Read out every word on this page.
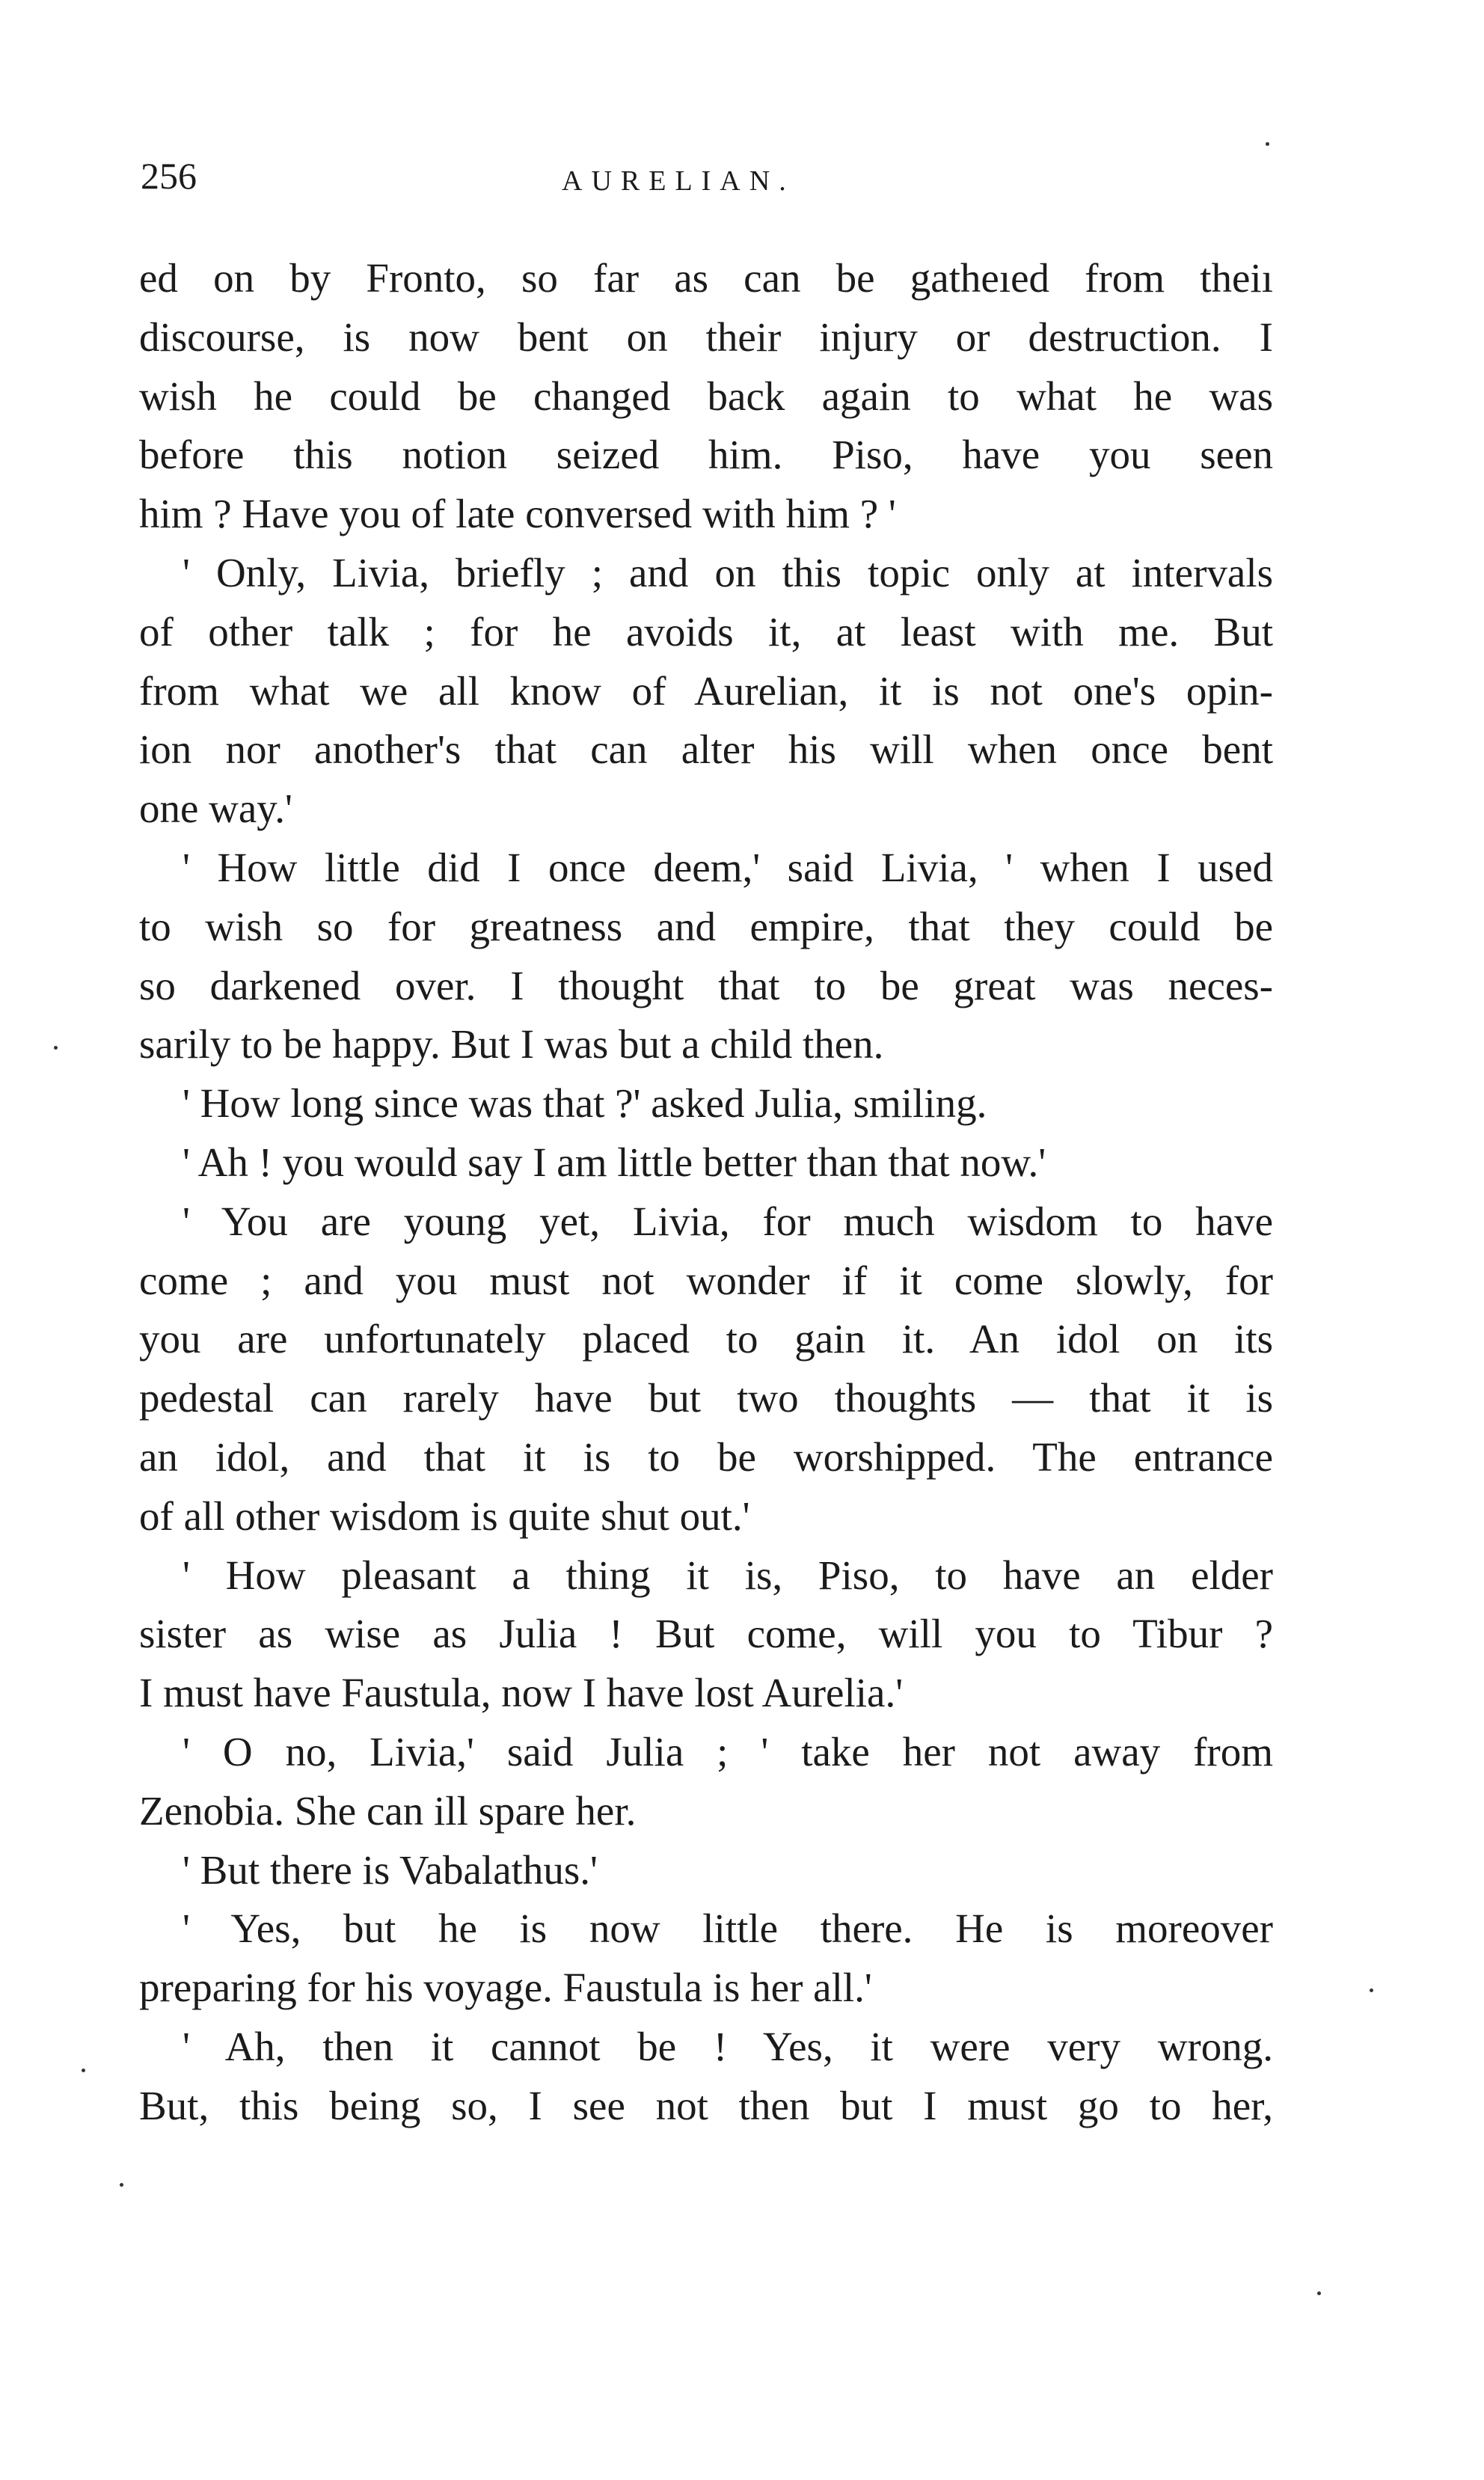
256	AURELIAN.
ed on by Fronto, so far as can be gatheıed from theiı
discourse, is now bent on their injury or destruction. I
wish he could be changed back again to what he was
before this notion seized him. Piso, have you seen
him ? Have you of late conversed with him ? '
' Only, Livia, briefly ; and on this topic only at intervals
of other talk ; for he avoids it, at least with me. But
from what we all know of Aurelian, it is not one's opin-
ion nor another's that can alter his will when once bent
one way.'
' How little did I once deem,' said Livia, ' when I used
to wish so for greatness and empire, that they could be
so darkened over. I thought that to be great was neces-
sarily to be happy. But I was but a child then.
' How long since was that ?' asked Julia, smiling.
' Ah ! you would say I am little better than that now.'
' You are young yet, Livia, for much wisdom to have
come ; and you must not wonder if it come slowly, for
you are unfortunately placed to gain it. An idol on its
pedestal can rarely have but two thoughts — that it is
an idol, and that it is to be worshipped. The entrance
of all other wisdom is quite shut out.'
' How pleasant a thing it is, Piso, to have an elder
sister as wise as Julia ! But come, will you to Tibur ?
I must have Faustula, now I have lost Aurelia.'
' O no, Livia,' said Julia ; ' take her not away from
Zenobia. She can ill spare her.
' But there is Vabalathus.'
' Yes, but he is now little there. He is moreover
preparing for his voyage. Faustula is her all.'
' Ah, then it cannot be ! Yes, it were very wrong.
But, this being so, I see not then but I must go to her,
